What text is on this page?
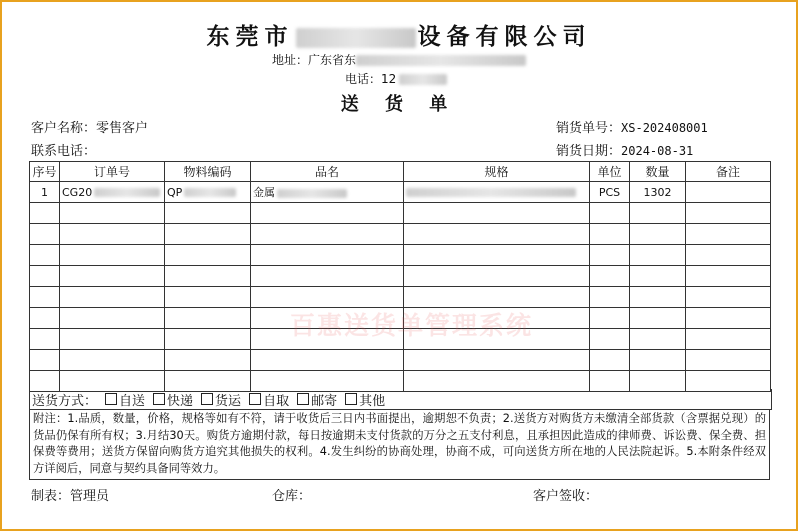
东莞市	设备有限公司
地址：广东省东
电话：12
送 货 单
客户名称：零售客户
联系电话：
销货单号：XS-202408001
销货日期：2024-08-31
序号	订单号	物料编码	品名	规格	单位	数量	备注
1	CG20	QP	金属		PCS	1302	

百惠送货单管理系统
送货方式： 自送 快递 货运 自取 邮寄 其他
附注：1.品质，数量，价格，规格等如有不符，请于收货后三日内书面提出，逾期恕不负责；2.送货方对购货方未缴清全部货款（含票据兑现）的货品仍保有所有权；3.月结30天。购货方逾期付款，每日按逾期未支付货款的万分之五支付利息，且承担因此造成的律师费、诉讼费、保全费、担保费等费用；送货方保留向购货方追究其他损失的权利。4.发生纠纷的协商处理，协商不成，可向送货方所在地的人民法院起诉。5.本附条件经双方详阅后，同意与契约具备同等效力。
制表：管理员	仓库：	客户签收：
